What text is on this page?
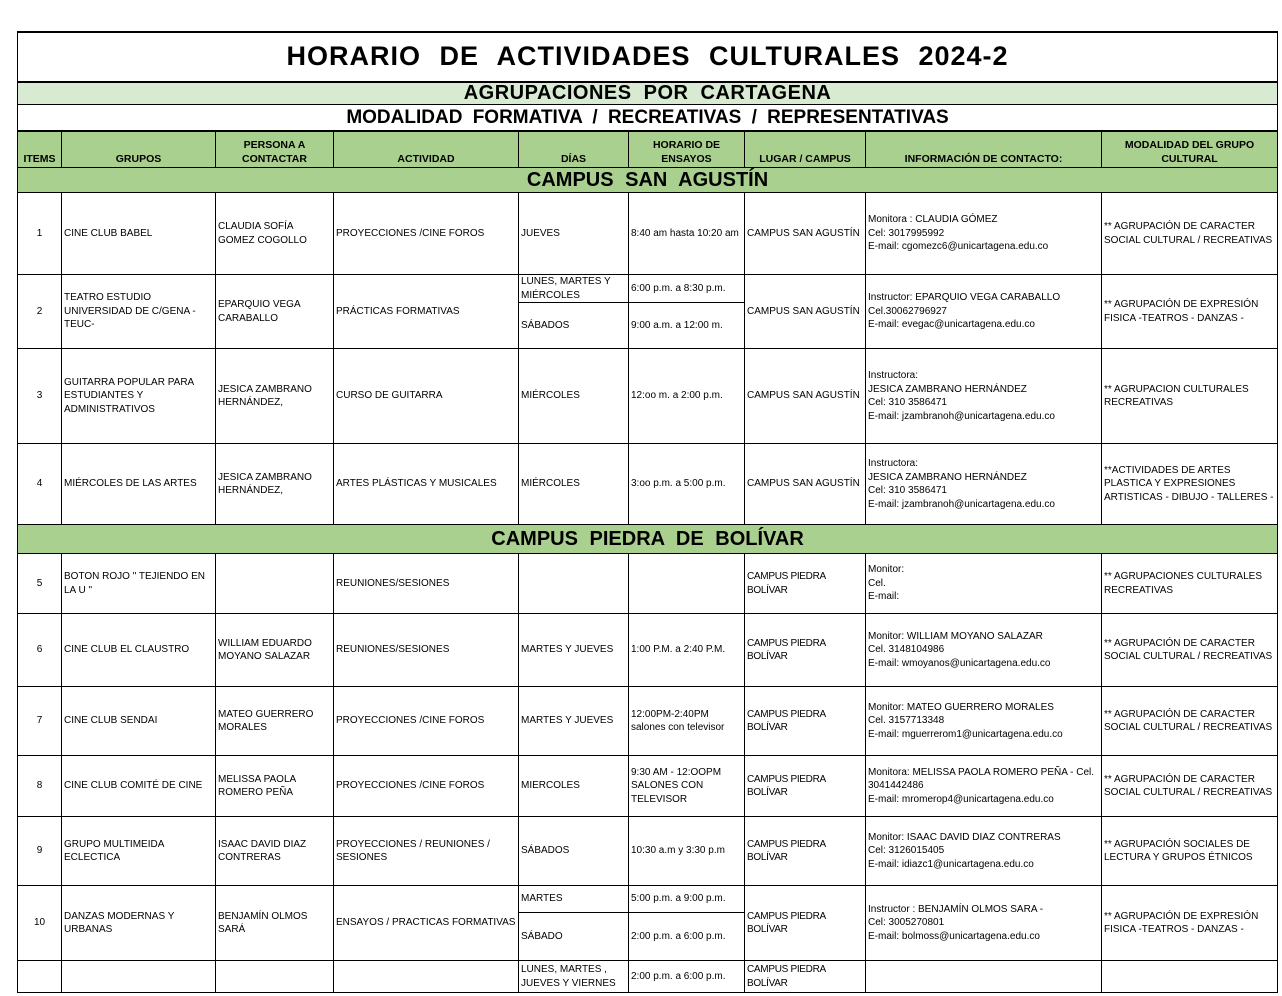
HORARIO DE ACTIVIDADES CULTURALES 2024-2								
AGRUPACIONES POR CARTAGENA								
MODALIDAD FORMATIVA / RECREATIVAS / REPRESENTATIVAS								
ITEMS	GRUPOS	PERSONA A CONTACTAR	ACTIVIDAD	DÍAS	HORARIO DE ENSAYOS	LUGAR / CAMPUS	INFORMACIÓN DE CONTACTO:	MODALIDAD DEL GRUPO CULTURAL
CAMPUS SAN AGUSTÍN								
1	CINE CLUB BABEL	CLAUDIA SOFÍA GOMEZ COGOLLO	PROYECCIONES /CINE FOROS	JUEVES	8:40 am hasta 10:20 am	CAMPUS SAN AGUSTÍN	Monitora : CLAUDIA GÓMEZ
Cel: 3017995992
E-mail: cgomezc6@unicartagena.edu.co	** AGRUPACIÓN DE CARACTER SOCIAL CULTURAL / RECREATIVAS
2	TEATRO ESTUDIO UNIVERSIDAD DE C/GENA -TEUC-	EPARQUIO VEGA CARABALLO	PRÁCTICAS FORMATIVAS	LUNES, MARTES Y MIÉRCOLES	6:00 p.m. a 8:30 p.m.	CAMPUS SAN AGUSTÍN	Instructor: EPARQUIO VEGA CARABALLO
Cel.30062796927
E-mail: evegac@unicartagena.edu.co	** AGRUPACIÓN DE EXPRESIÓN FISICA -TEATROS - DANZAS -
				SÁBADOS	9:00 a.m. a 12:00 m.			
3	GUITARRA POPULAR PARA ESTUDIANTES Y ADMINISTRATIVOS	JESICA ZAMBRANO HERNÁNDEZ,	CURSO DE GUITARRA	MIÉRCOLES	12:oo m. a 2:00 p.m.	CAMPUS SAN AGUSTÍN	Instructora:
JESICA ZAMBRANO HERNÁNDEZ
Cel: 310 3586471
E-mail: jzambranoh@unicartagena.edu.co	** AGRUPACION CULTURALES RECREATIVAS
4	MIÉRCOLES DE LAS ARTES	JESICA ZAMBRANO HERNÁNDEZ,	ARTES PLÁSTICAS Y MUSICALES	MIÉRCOLES	3:oo p.m. a 5:00 p.m.	CAMPUS SAN AGUSTÍN	Instructora:
JESICA ZAMBRANO HERNÁNDEZ
Cel: 310 3586471
E-mail: jzambranoh@unicartagena.edu.co	**ACTIVIDADES DE ARTES PLASTICA Y EXPRESIONES ARTISTICAS - DIBUJO - TALLERES -
CAMPUS PIEDRA DE BOLÍVAR								
5	BOTON ROJO " TEJIENDO EN LA U "		REUNIONES/SESIONES			CAMPUS PIEDRA BOLÍVAR	Monitor:
Cel.
E-mail:	** AGRUPACIONES CULTURALES RECREATIVAS
6	CINE CLUB EL CLAUSTRO	WILLIAM EDUARDO MOYANO SALAZAR	REUNIONES/SESIONES	MARTES Y JUEVES	1:00 P.M. a 2:40 P.M.	CAMPUS PIEDRA BOLÍVAR	Monitor: WILLIAM MOYANO SALAZAR
Cel. 3148104986
E-mail: wmoyanos@unicartagena.edu.co	** AGRUPACIÓN DE CARACTER SOCIAL CULTURAL / RECREATIVAS
7	CINE CLUB SENDAI	MATEO GUERRERO MORALES	PROYECCIONES /CINE FOROS	MARTES Y JUEVES	12:00PM-2:40PM salones con televisor	CAMPUS PIEDRA BOLÍVAR	Monitor: MATEO GUERRERO MORALES
Cel. 3157713348
E-mail: mguerrerom1@unicartagena.edu.co	** AGRUPACIÓN DE CARACTER SOCIAL CULTURAL / RECREATIVAS
8	CINE CLUB COMITÉ DE CINE	MELISSA PAOLA ROMERO PEÑA	PROYECCIONES /CINE FOROS	MIERCOLES	9:30 AM - 12:OOPM SALONES CON TELEVISOR	CAMPUS PIEDRA BOLÍVAR	Monitora: MELISSA PAOLA ROMERO PEÑA - Cel. 3041442486
E-mail: mromerop4@unicartagena.edu.co	** AGRUPACIÓN DE CARACTER SOCIAL CULTURAL / RECREATIVAS
9	GRUPO MULTIMEIDA ECLECTICA	ISAAC DAVID DIAZ CONTRERAS	PROYECCIONES / REUNIONES / SESIONES	SÁBADOS	10:30 a.m y 3:30 p.m	CAMPUS PIEDRA BOLÍVAR	Monitor: ISAAC DAVID DIAZ CONTRERAS
Cel: 3126015405
E-mail: idiazc1@unicartagena.edu.co	** AGRUPACIÓN SOCIALES DE LECTURA Y GRUPOS ÉTNICOS
10	DANZAS MODERNAS Y URBANAS	BENJAMÍN OLMOS SARÁ	ENSAYOS / PRACTICAS FORMATIVAS	MARTES	5:00 p.m. a 9:00 p.m.	CAMPUS PIEDRA BOLÍVAR	Instructor : BENJAMÍN OLMOS SARA -
Cel: 3005270801
E-mail: bolmoss@unicartagena.edu.co	** AGRUPACIÓN DE EXPRESIÓN FISICA -TEATROS - DANZAS -
				SÁBADO	2:00 p.m. a 6:00 p.m.			
				LUNES, MARTES , JUEVES Y VIERNES	2:00 p.m. a 6:00 p.m.	CAMPUS PIEDRA BOLÍVAR		
